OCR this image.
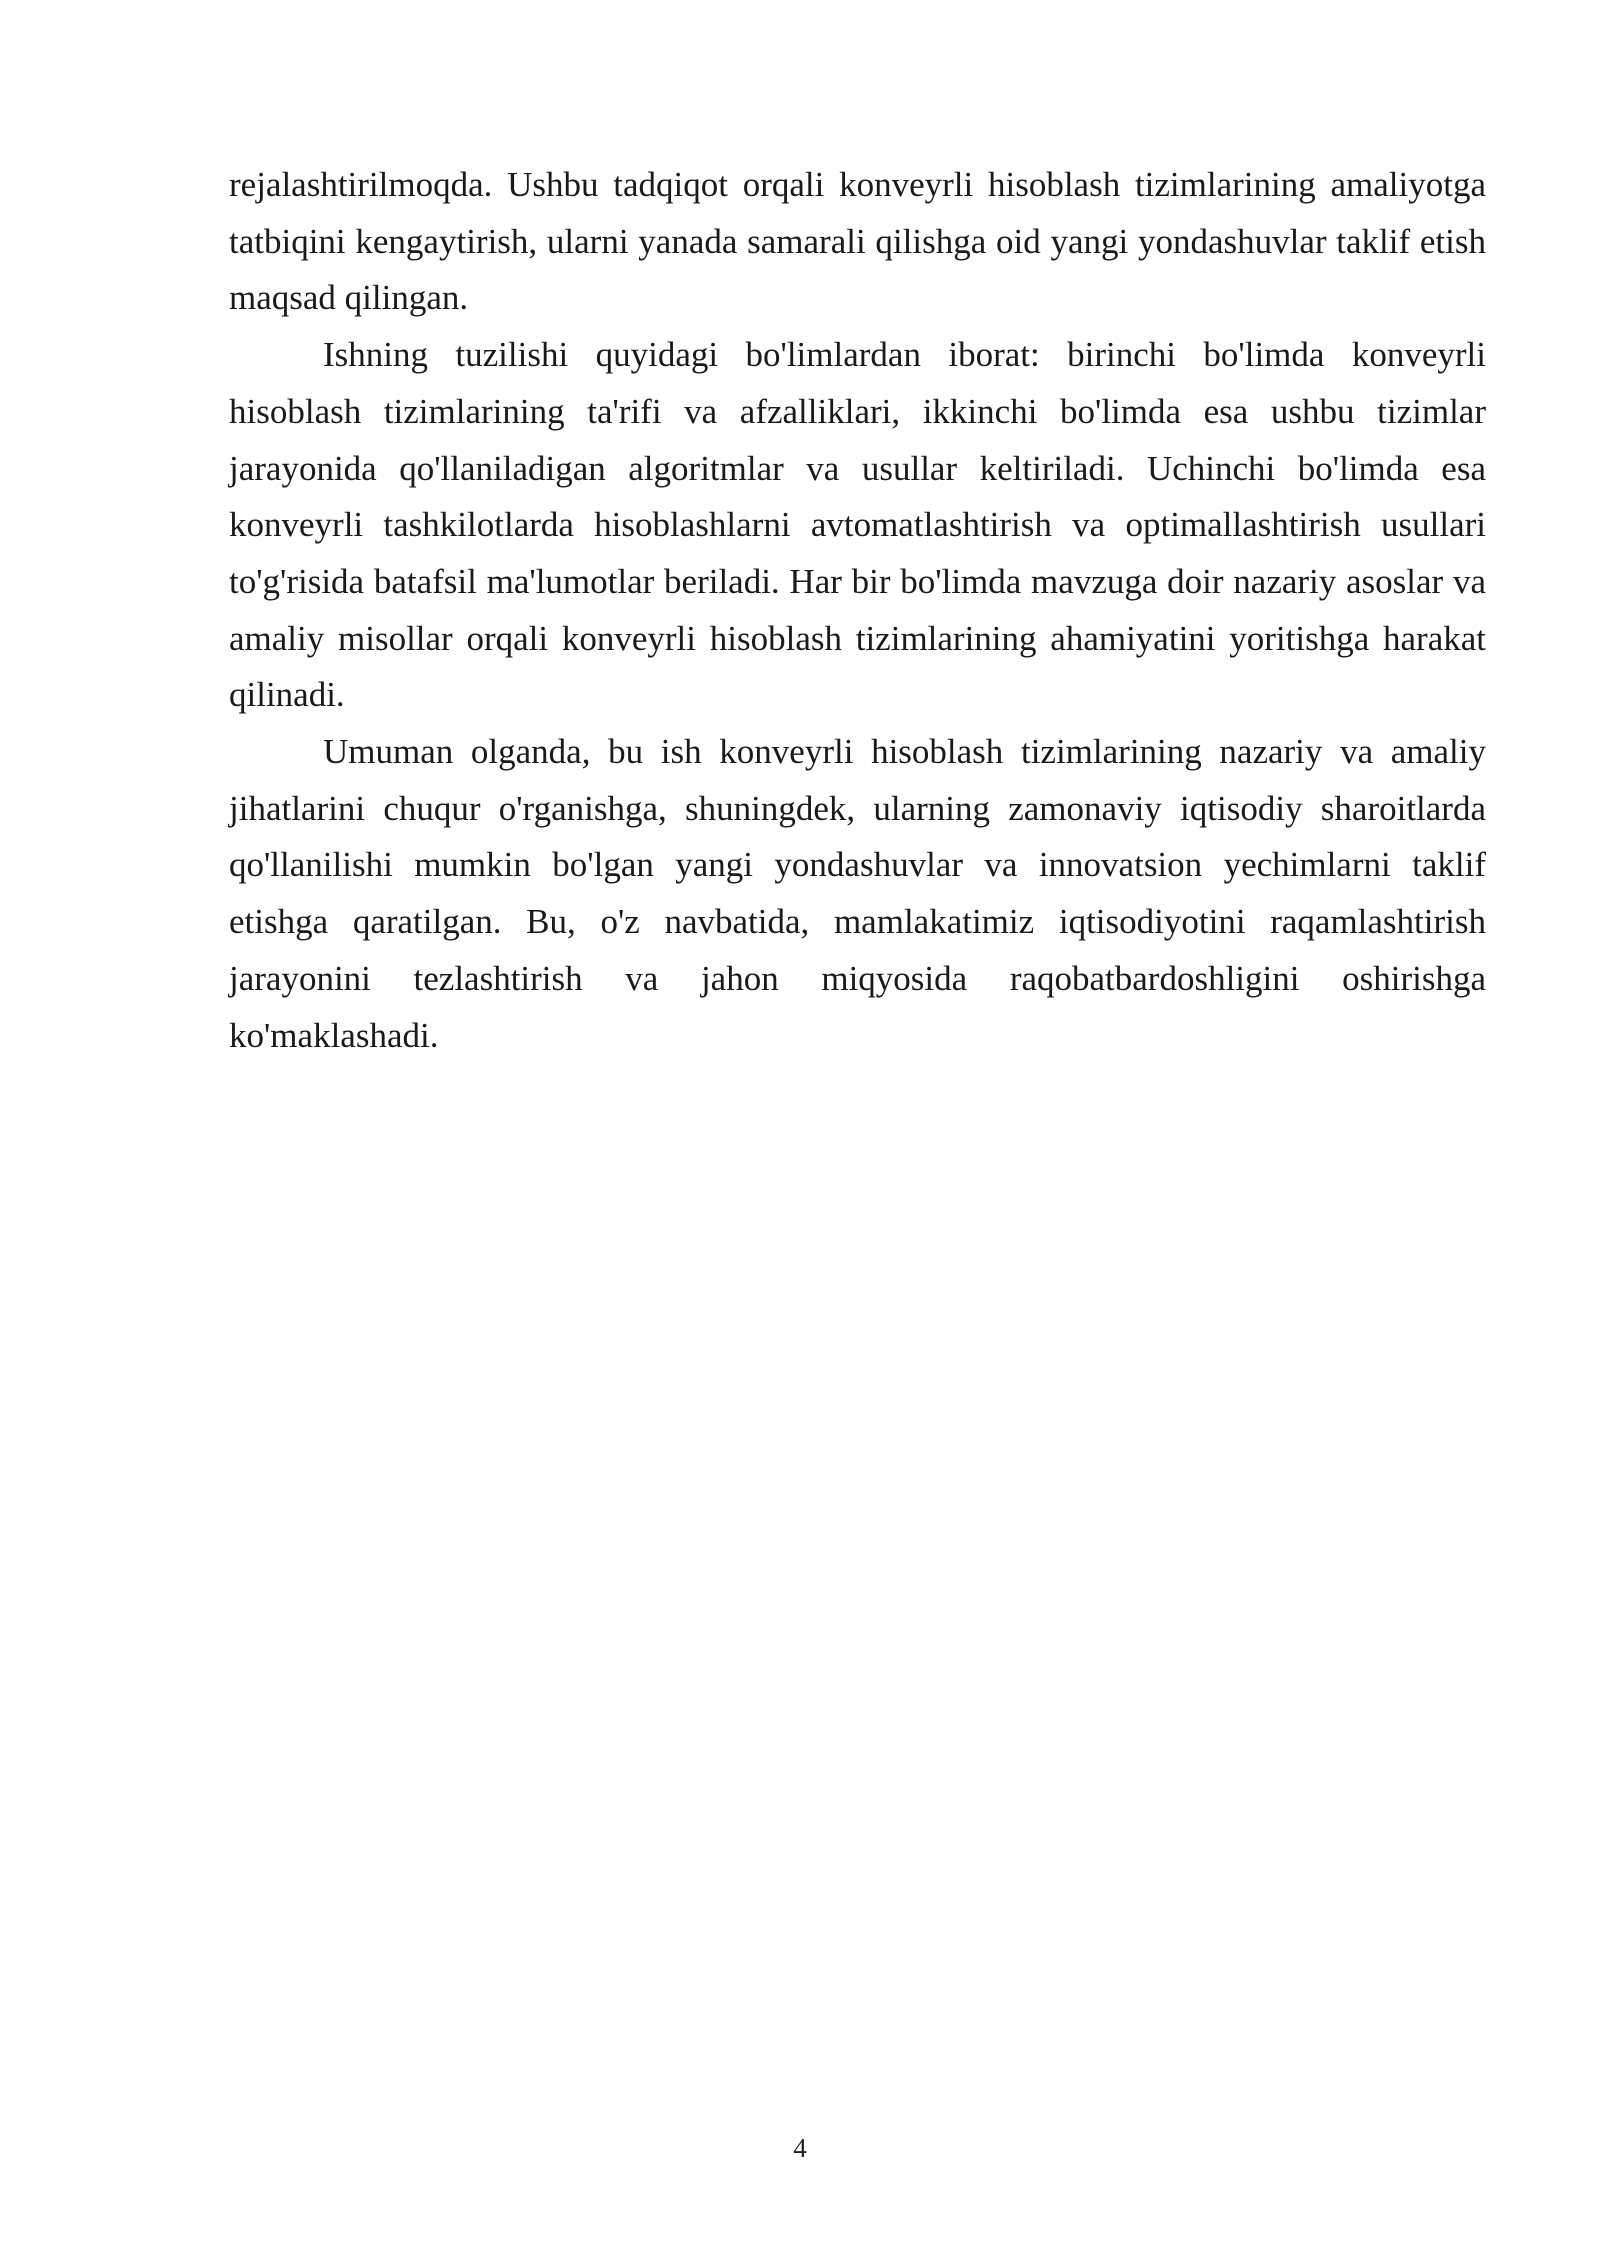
rejalashtirilmoqda. Ushbu tadqiqot orqali konveyrli hisoblash tizimlarining amaliyotga tatbiqini kengaytirish, ularni yanada samarali qilishga oid yangi yondashuvlar taklif etish maqsad qilingan.

Ishning tuzilishi quyidagi bo'limlardan iborat: birinchi bo'limda konveyrli hisoblash tizimlarining ta'rifi va afzalliklari, ikkinchi bo'limda esa ushbu tizimlar jarayonida qo'llaniladigan algoritmlar va usullar keltiriladi. Uchinchi bo'limda esa konveyrli tashkilotlarda hisoblashlarni avtomatlashtirish va optimallashtirish usullari to'g'risida batafsil ma'lumotlar beriladi. Har bir bo'limda mavzuga doir nazariy asoslar va amaliy misollar orqali konveyrli hisoblash tizimlarining ahamiyatini yoritishga harakat qilinadi.

Umuman olganda, bu ish konveyrli hisoblash tizimlarining nazariy va amaliy jihatlarini chuqur o'rganishga, shuningdek, ularning zamonaviy iqtisodiy sharoitlarda qo'llanilishi mumkin bo'lgan yangi yondashuvlar va innovatsion yechimlarni taklif etishga qaratilgan. Bu, o'z navbatida, mamlakatimiz iqtisodiyotini raqamlashtirish jarayonini tezlashtirish va jahon miqyosida raqobatbardoshligini oshirishga ko'maklashadi.

4
